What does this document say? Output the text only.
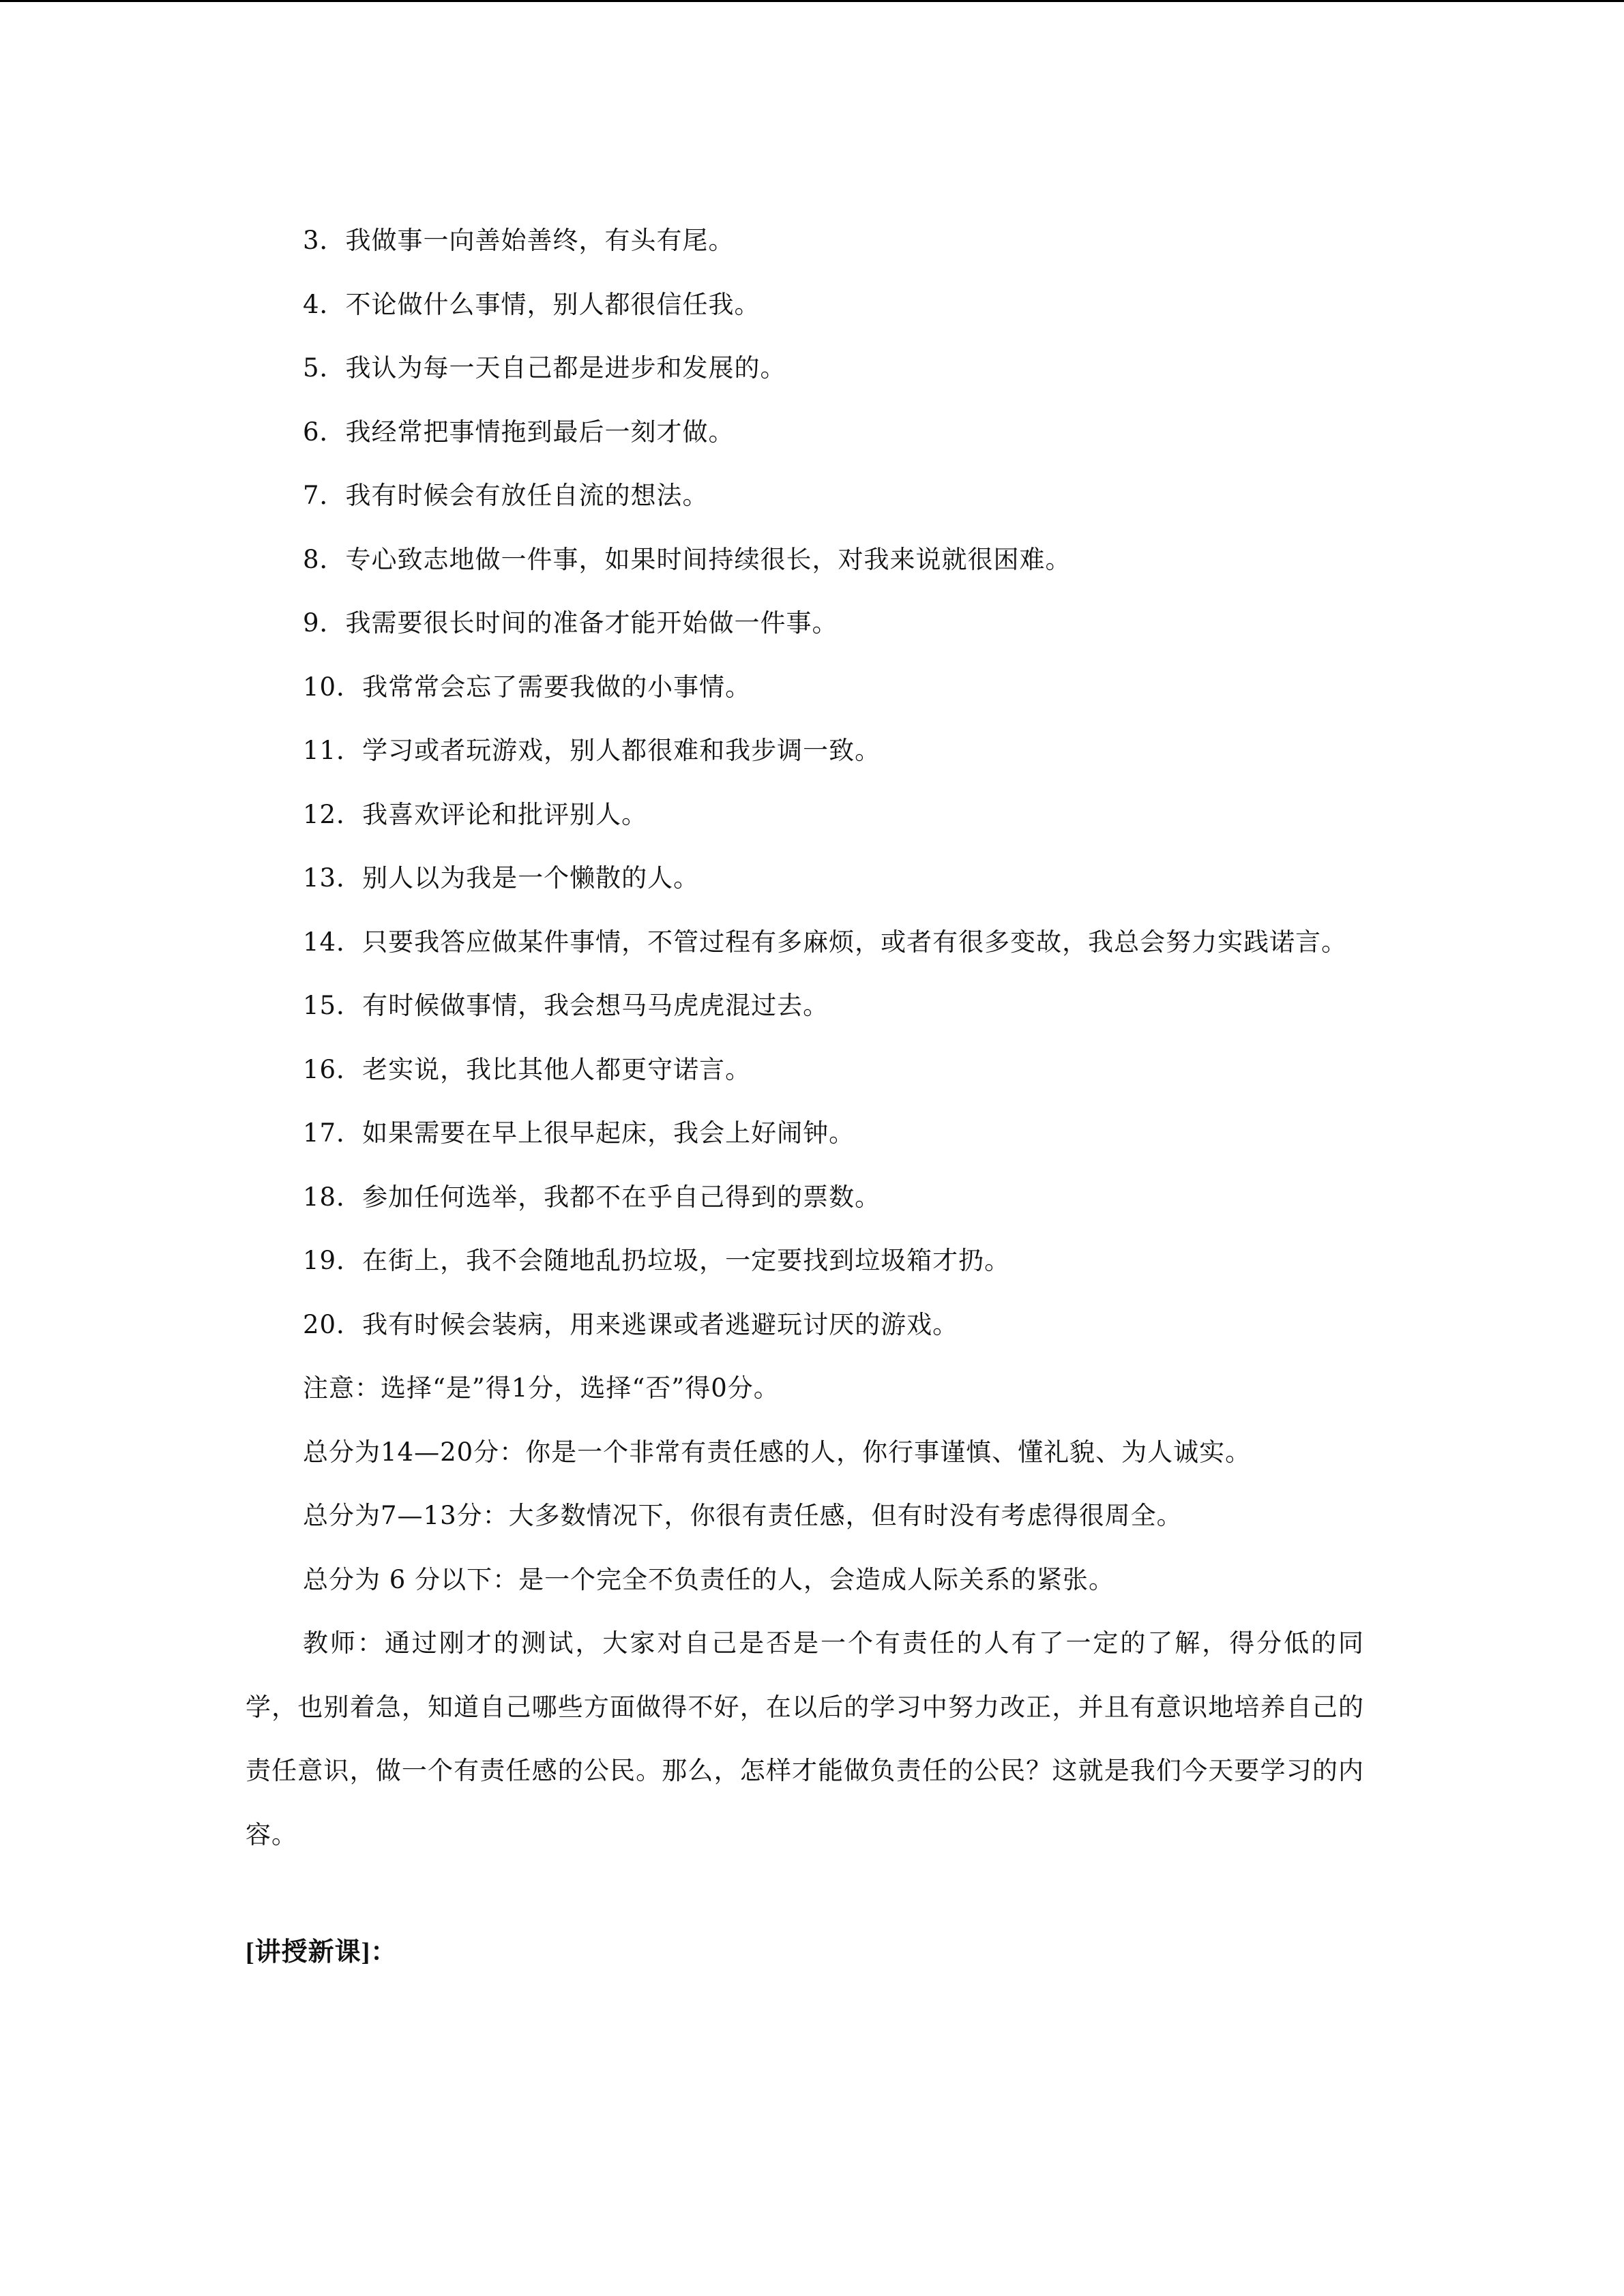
3．我做事一向善始善终，有头有尾。

4．不论做什么事情，别人都很信任我。

5．我认为每一天自己都是进步和发展的。

6．我经常把事情拖到最后一刻才做。

7．我有时候会有放任自流的想法。

8．专心致志地做一件事，如果时间持续很长，对我来说就很困难。

9．我需要很长时间的准备才能开始做一件事。

10．我常常会忘了需要我做的小事情。

11．学习或者玩游戏，别人都很难和我步调一致。

12．我喜欢评论和批评别人。

13．别人以为我是一个懒散的人。

14．只要我答应做某件事情，不管过程有多麻烦，或者有很多变故，我总会努力实践诺言。

15．有时候做事情，我会想马马虎虎混过去。

16．老实说，我比其他人都更守诺言。

17．如果需要在早上很早起床，我会上好闹钟。

18．参加任何选举，我都不在乎自己得到的票数。

19．在街上，我不会随地乱扔垃圾，一定要找到垃圾箱才扔。

20．我有时候会装病，用来逃课或者逃避玩讨厌的游戏。

注意：选择“是”得1分，选择“否”得0分。

总分为14—20分：你是一个非常有责任感的人，你行事谨慎、懂礼貌、为人诚实。

总分为7—13分：大多数情况下，你很有责任感，但有时没有考虑得很周全。

总分为 6 分以下：是一个完全不负责任的人，会造成人际关系的紧张。

教师：通过刚才的测试，大家对自己是否是一个有责任的人有了一定的了解，得分低的同学，也别着急，知道自己哪些方面做得不好，在以后的学习中努力改正，并且有意识地培养自己的责任意识，做一个有责任感的公民。那么，怎样才能做负责任的公民？这就是我们今天要学习的内容。

[讲授新课]：
